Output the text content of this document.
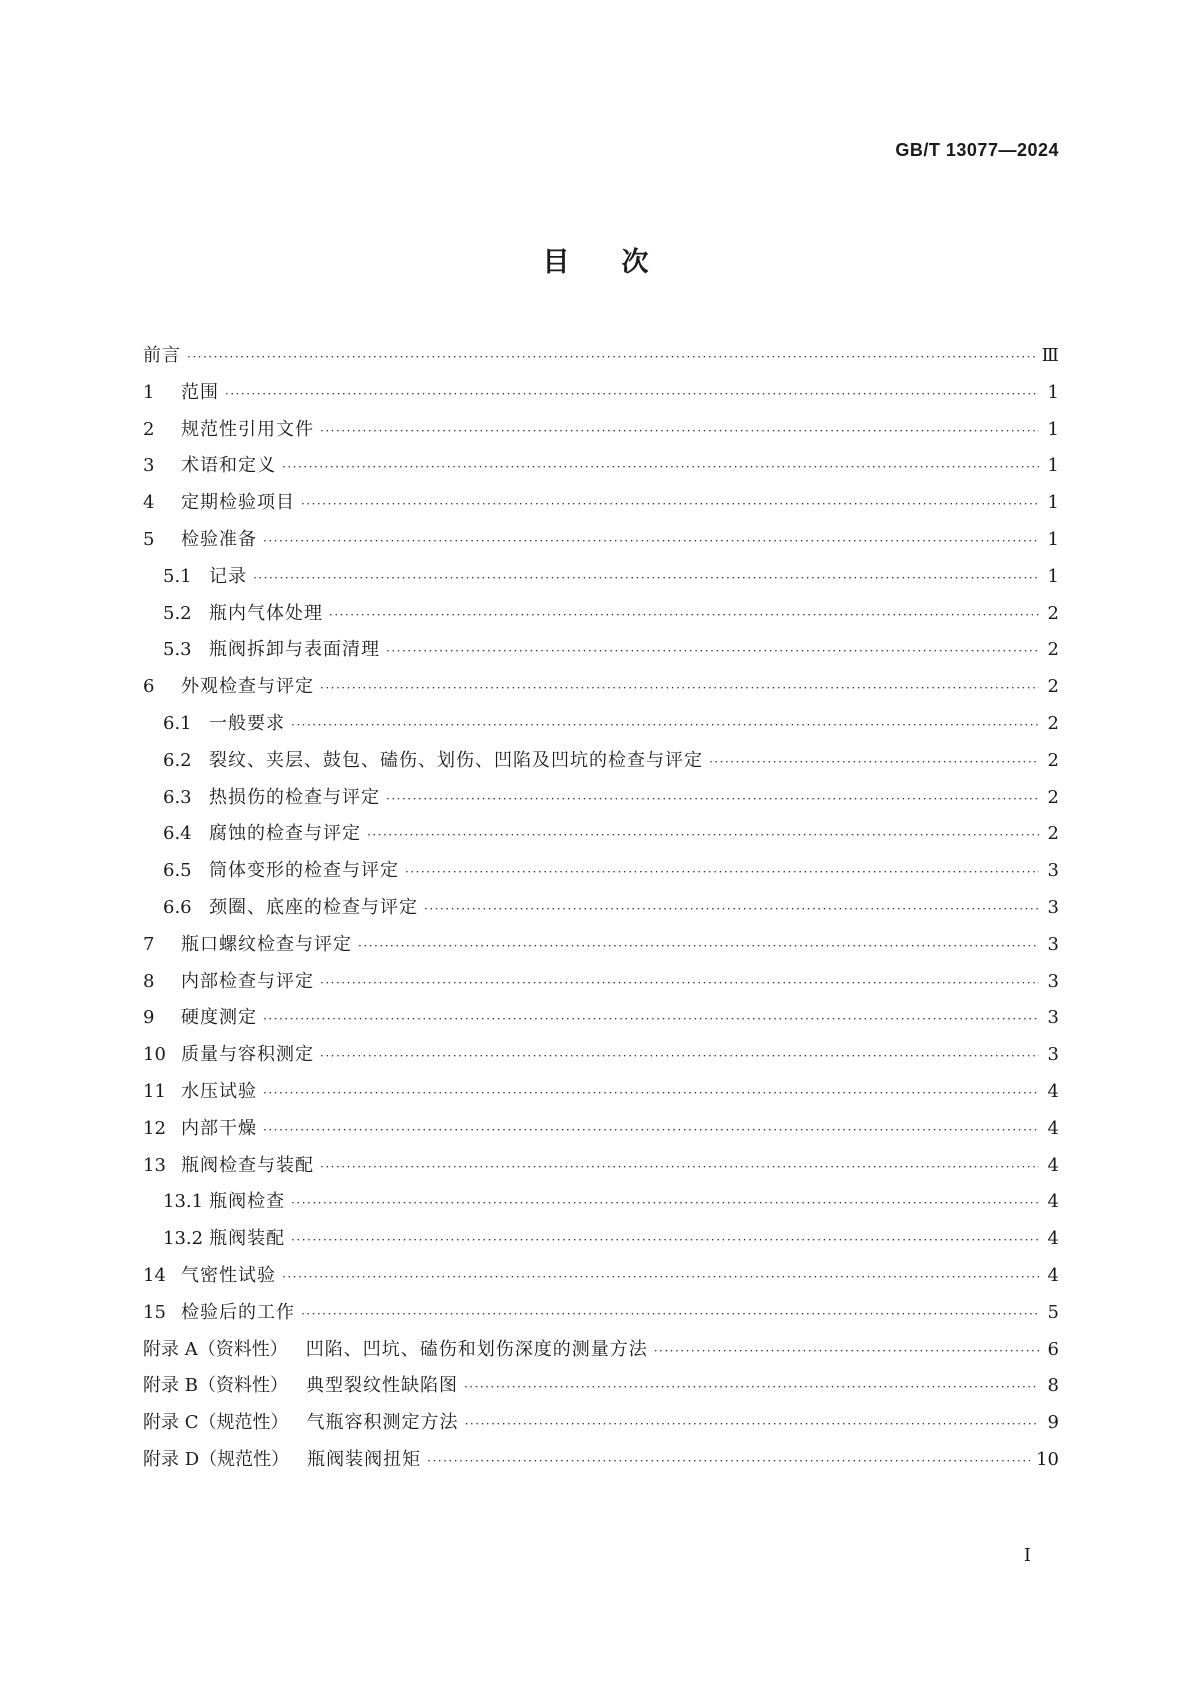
GB/T 13077—2024
目次
前言 ·····	Ⅲ
1	范围 ·····	1
2	规范性引用文件 ·····	1
3	术语和定义 ·····	1
4	定期检验项目 ·····	1
5	检验准备 ·····	1
5.1 记录 ·····	1
5.2 瓶内气体处理 ·····	2
5.3 瓶阀拆卸与表面清理 ·····	2
6	外观检查与评定 ·····	2
6.1 一般要求 ·····	2
6.2 裂纹、夹层、鼓包、磕伤、划伤、凹陷及凹坑的检查与评定 ·····	2
6.3 热损伤的检查与评定 ·····	2
6.4 腐蚀的检查与评定 ·····	2
6.5 筒体变形的检查与评定 ·····	3
6.6 颈圈、底座的检查与评定 ·····	3
7	瓶口螺纹检查与评定 ·····	3
8	内部检查与评定 ·····	3
9	硬度测定 ·····	3
10 质量与容积测定 ·····	3
11 水压试验 ·····	4
12 内部干燥 ·····	4
13 瓶阀检查与装配 ·····	4
13.1 瓶阀检查 ·····	4
13.2 瓶阀装配 ·····	4
14 气密性试验 ·····	4
15 检验后的工作 ·····	5
附录 A（资料性）	凹陷、凹坑、磕伤和划伤深度的测量方法 ·····	6
附录 B（资料性）	典型裂纹性缺陷图 ·····	8
附录 C（规范性）	气瓶容积测定方法 ·····	9
附录 D（规范性）	瓶阀装阀扭矩 ·····	10
I
